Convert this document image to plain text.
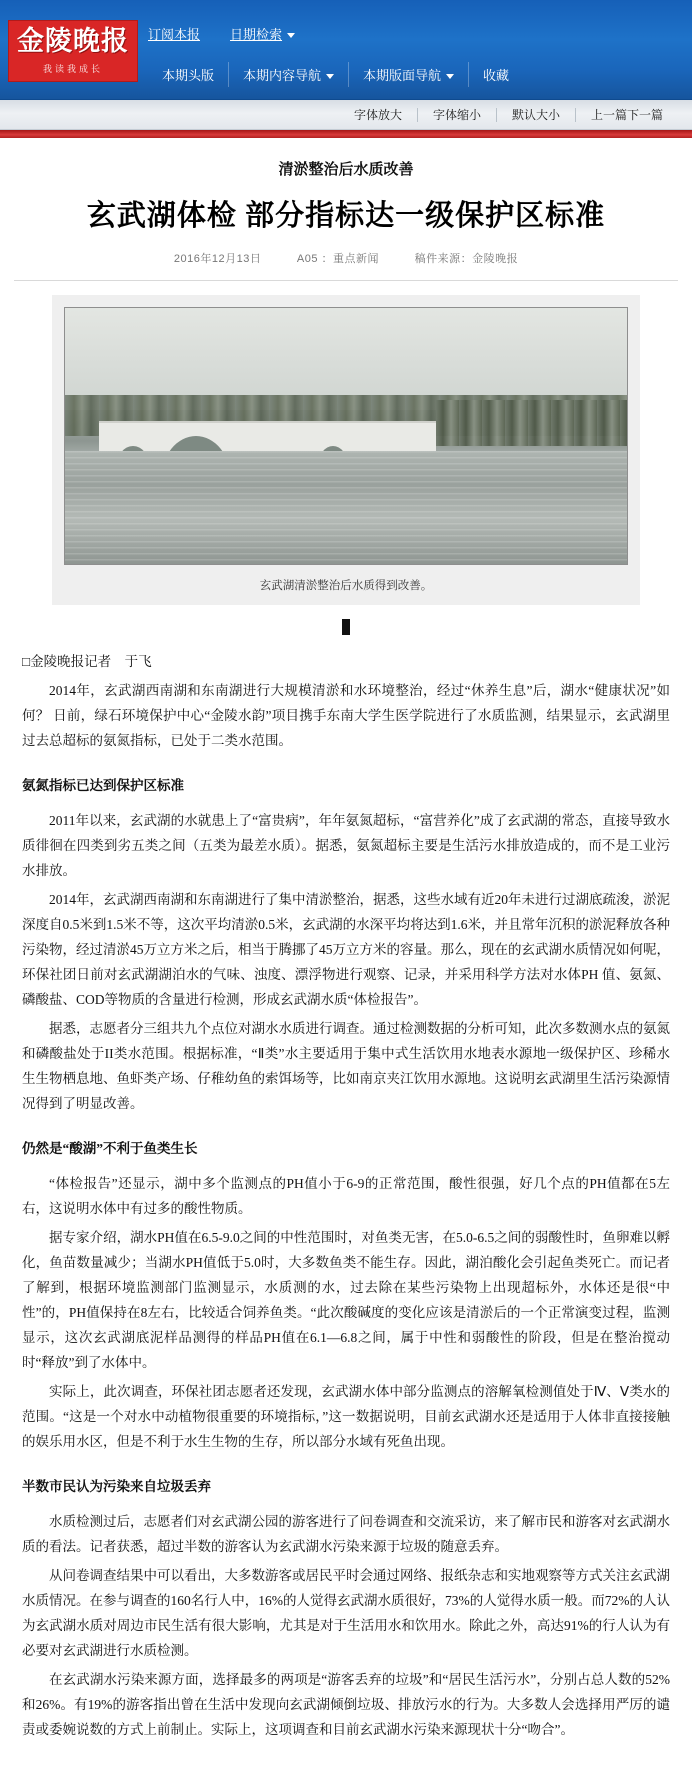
金陵晚报
我读我成长
订阅本报 日期检索
本期头版	本期内容导航	本期版面导航	收藏
字体放大	字体缩小	默认大小	上一篇下一篇
清淤整治后水质改善
玄武湖体检 部分指标达一级保护区标准
2016年12月13日	A05 ：重点新闻	稿件来源：金陵晚报
玄武湖清淤整治后水质得到改善。

□金陵晚报记者　于飞

2014年，玄武湖西南湖和东南湖进行大规模清淤和水环境整治，经过“休养生息”后，湖水“健康状况”如何？ 日前，绿石环境保护中心“金陵水韵”项目携手东南大学生医学院进行了水质监测，结果显示，玄武湖里过去总超标的氨氮指标，已处于二类水范围。

氨氮指标已达到保护区标准

2011年以来，玄武湖的水就患上了“富贵病”，年年氨氮超标，“富营养化”成了玄武湖的常态，直接导致水质徘徊在四类到劣五类之间（五类为最差水质）。据悉，氨氮超标主要是生活污水排放造成的，而不是工业污水排放。

2014年，玄武湖西南湖和东南湖进行了集中清淤整治，据悉，这些水域有近20年未进行过湖底疏浚，淤泥深度自0.5米到1.5米不等，这次平均清淤0.5米，玄武湖的水深平均将达到1.6米，并且常年沉积的淤泥释放各种污染物，经过清淤45万立方米之后，相当于腾挪了45万立方米的容量。那么，现在的玄武湖水质情况如何呢，环保社团日前对玄武湖湖泊水的气味、浊度、漂浮物进行观察、记录，并采用科学方法对水体PH 值、氨氮、磷酸盐、COD等物质的含量进行检测，形成玄武湖水质“体检报告”。

据悉，志愿者分三组共九个点位对湖水水质进行调查。通过检测数据的分析可知，此次多数测水点的氨氮和磷酸盐处于II类水范围。根据标准，“Ⅱ类”水主要适用于集中式生活饮用水地表水源地一级保护区、珍稀水生生物栖息地、鱼虾类产场、仔稚幼鱼的索饵场等，比如南京夹江饮用水源地。这说明玄武湖里生活污染源情况得到了明显改善。

仍然是“酸湖”不利于鱼类生长

“体检报告”还显示，湖中多个监测点的PH值小于6-9的正常范围，酸性很强，好几个点的PH值都在5左右，这说明水体中有过多的酸性物质。

据专家介绍，湖水PH值在6.5-9.0之间的中性范围时，对鱼类无害，在5.0-6.5之间的弱酸性时，鱼卵难以孵化，鱼苗数量减少；当湖水PH值低于5.0时，大多数鱼类不能生存。因此，湖泊酸化会引起鱼类死亡。而记者了解到，根据环境监测部门监测显示，水质测的水，过去除在某些污染物上出现超标外，水体还是很“中性”的，PH值保持在8左右，比较适合饲养鱼类。“此次酸碱度的变化应该是清淤后的一个正常演变过程，监测显示，这次玄武湖底泥样品测得的样品PH值在6.1—6.8之间，属于中性和弱酸性的阶段，但是在整治搅动时“释放”到了水体中。

实际上，此次调查，环保社团志愿者还发现，玄武湖水体中部分监测点的溶解氧检测值处于Ⅳ、Ⅴ类水的范围。“这是一个对水中动植物很重要的环境指标，”这一数据说明，目前玄武湖水还是适用于人体非直接接触的娱乐用水区，但是不利于水生生物的生存，所以部分水域有死鱼出现。

半数市民认为污染来自垃圾丢弃

水质检测过后，志愿者们对玄武湖公园的游客进行了问卷调查和交流采访，来了解市民和游客对玄武湖水质的看法。记者获悉，超过半数的游客认为玄武湖水污染来源于垃圾的随意丢弃。

从问卷调查结果中可以看出，大多数游客或居民平时会通过网络、报纸杂志和实地观察等方式关注玄武湖水质情况。在参与调查的160名行人中，16%的人觉得玄武湖水质很好，73%的人觉得水质一般。而72%的人认为玄武湖水质对周边市民生活有很大影响，尤其是对于生活用水和饮用水。除此之外，高达91%的行人认为有必要对玄武湖进行水质检测。

在玄武湖水污染来源方面，选择最多的两项是“游客丢弃的垃圾”和“居民生活污水”，分别占总人数的52%和26%。有19%的游客指出曾在生活中发现向玄武湖倾倒垃圾、排放污水的行为。大多数人会选择用严厉的谴责或委婉说数的方式上前制止。实际上，这项调查和目前玄武湖水污染来源现状十分“吻合”。
